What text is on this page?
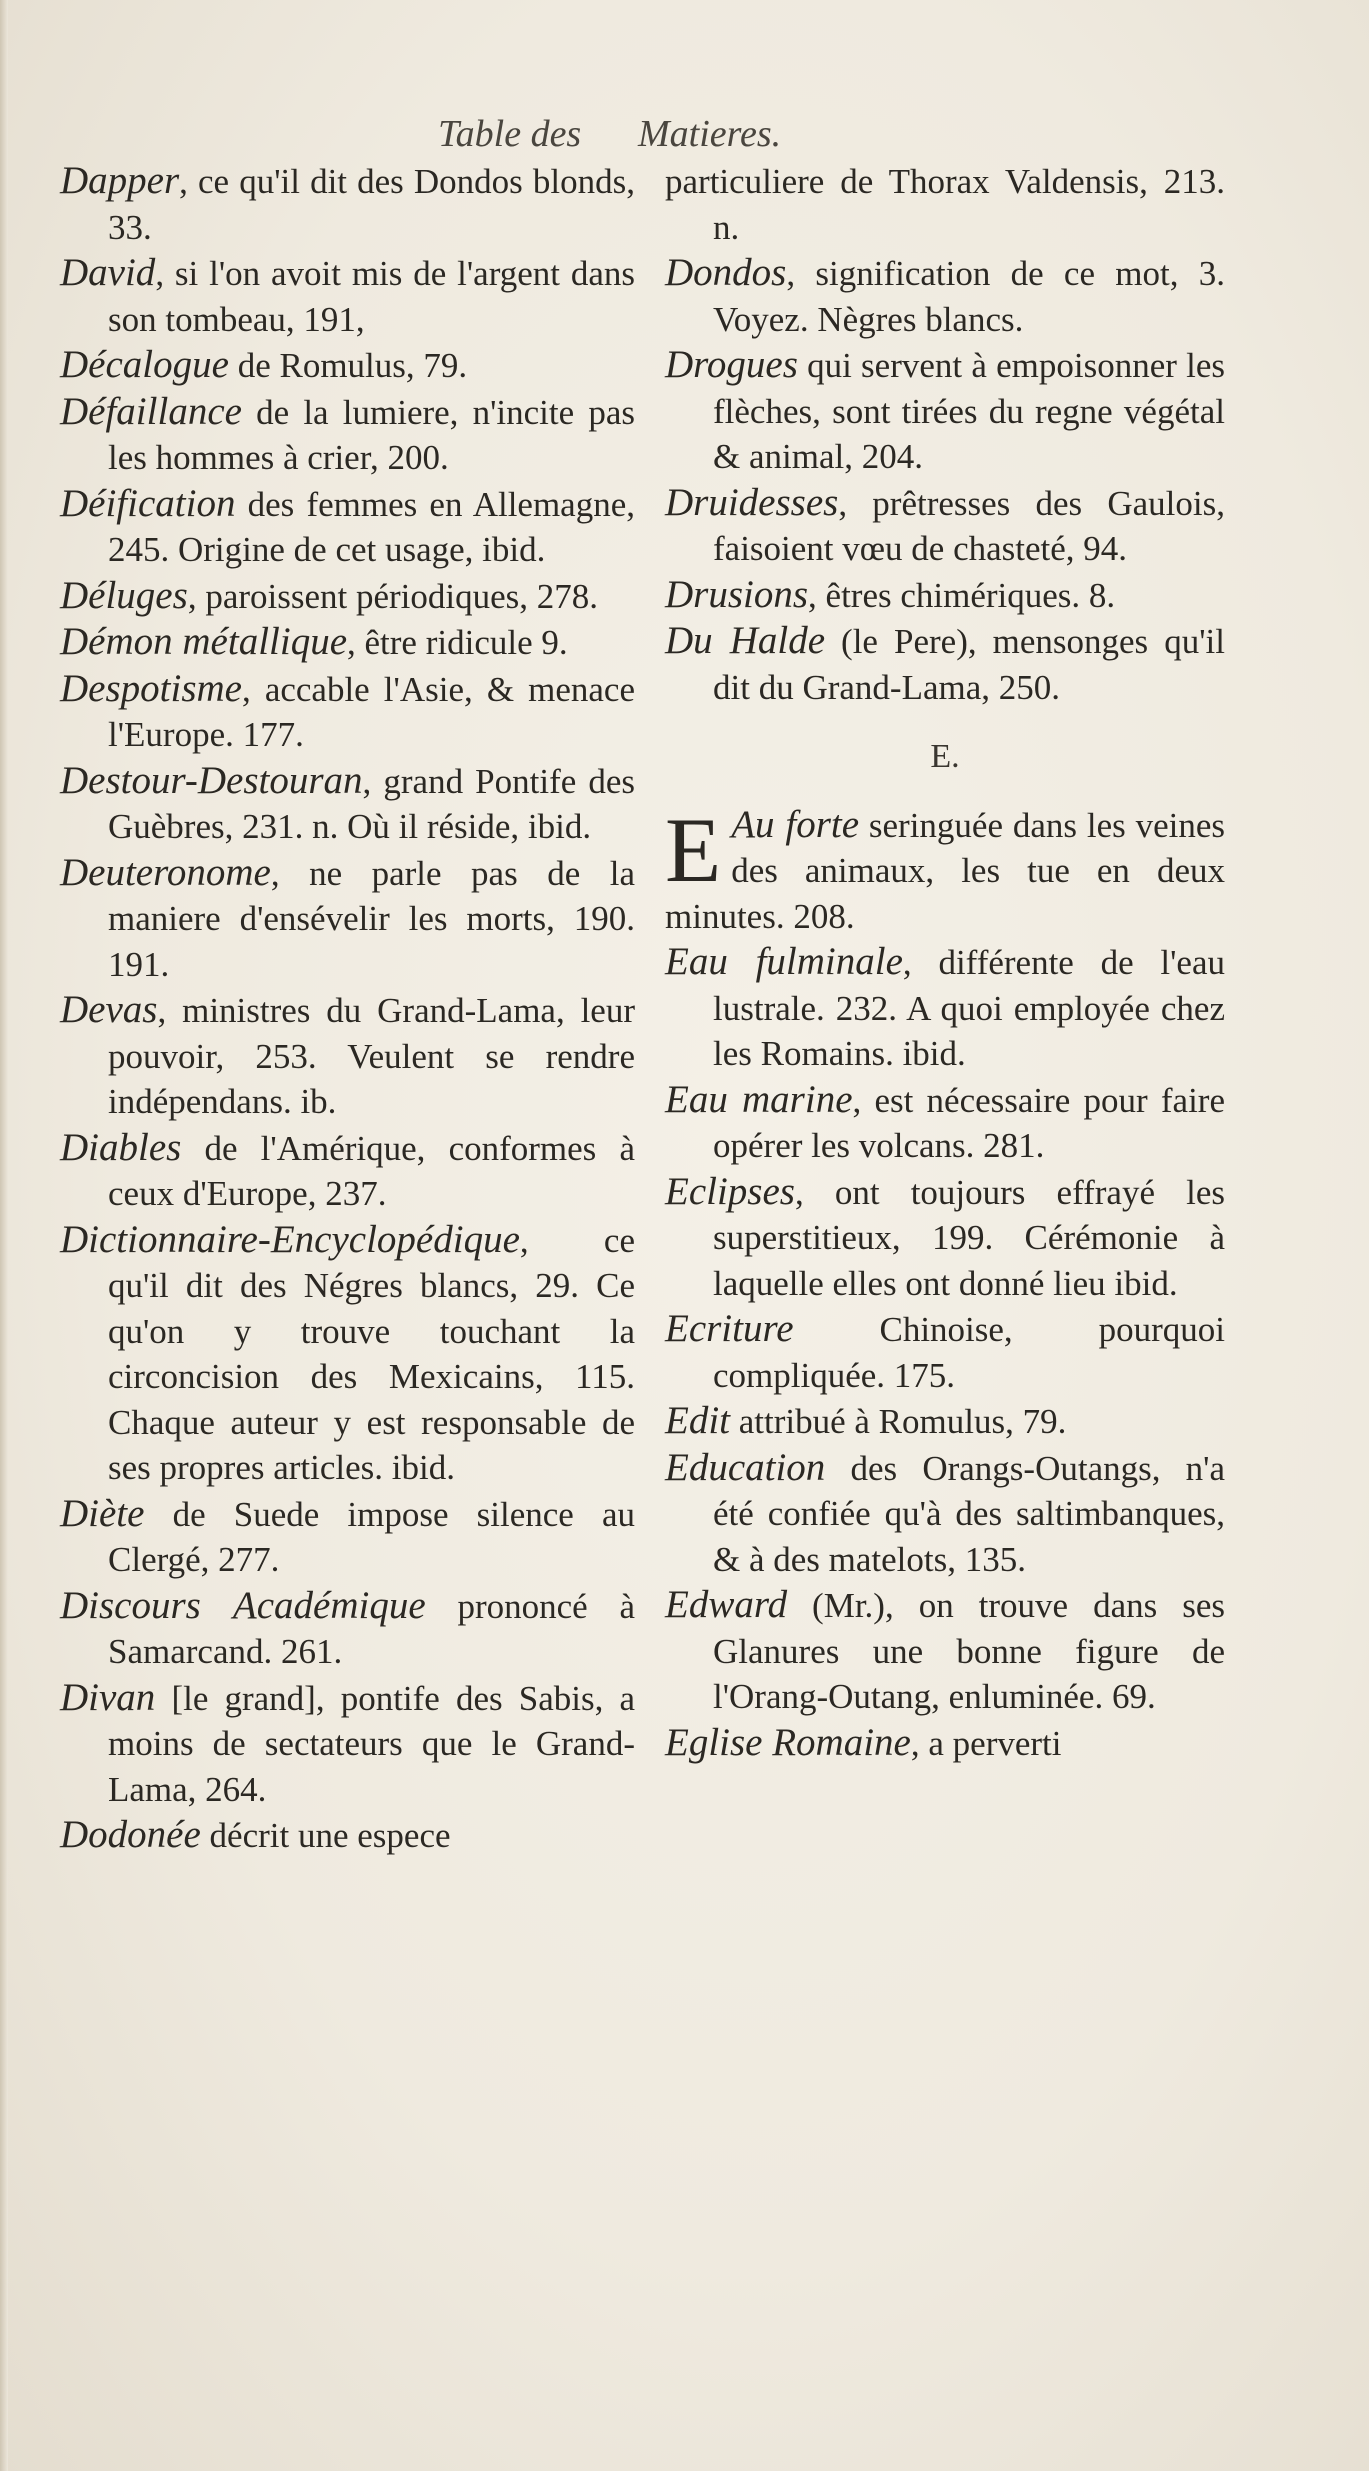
Table des Matieres.

Dapper, ce qu'il dit des Dondos blonds, 33.

David, si l'on avoit mis de l'argent dans son tombeau, 191,

Décalogue de Romulus, 79.

Défaillance de la lumiere, n'incite pas les hommes à crier, 200.

Déification des femmes en Allemagne, 245. Origine de cet usage, ibid.

Déluges, paroissent périodiques, 278.

Démon métallique, être ridicule 9.

Despotisme, accable l'Asie, & menace l'Europe. 177.

Destour-Destouran, grand Pontife des Guèbres, 231. n. Où il réside, ibid.

Deuteronome, ne parle pas de la maniere d'ensévelir les morts, 190. 191.

Devas, ministres du Grand-Lama, leur pouvoir, 253. Veulent se rendre indépendans. ib.

Diables de l'Amérique, conformes à ceux d'Europe, 237.

Dictionnaire-Encyclopédique, ce qu'il dit des Négres blancs, 29. Ce qu'on y trouve touchant la circoncision des Mexicains, 115. Chaque auteur y est responsable de ses propres articles. ibid.

Diète de Suede impose silence au Clergé, 277.

Discours Académique prononcé à Samarcand. 261.

Divan [le grand], pontife des Sabis, a moins de sectateurs que le Grand-Lama, 264.

Dodonée décrit une espece

particuliere de Thorax Valdensis, 213. n.

Dondos, signification de ce mot, 3. Voyez. Nègres blancs.

Drogues qui servent à empoisonner les flèches, sont tirées du regne végétal & animal, 204.

Druidesses, prêtresses des Gaulois, faisoient vœu de chasteté, 94.

Drusions, êtres chimériques. 8.

Du Halde (le Pere), mensonges qu'il dit du Grand-Lama, 250.

E.

E Au forte seringuée dans les veines des animaux, les tue en deux minutes. 208.

Eau fulminale, différente de l'eau lustrale. 232. A quoi employée chez les Romains. ibid.

Eau marine, est nécessaire pour faire opérer les volcans. 281.

Eclipses, ont toujours effrayé les superstitieux, 199. Cérémonie à laquelle elles ont donné lieu ibid.

Ecriture Chinoise, pourquoi compliquée. 175.

Edit attribué à Romulus, 79.

Education des Orangs-Outangs, n'a été confiée qu'à des saltimbanques, & à des matelots, 135.

Edward (Mr.), on trouve dans ses Glanures une bonne figure de l'Orang-Outang, enluminée. 69.

Eglise Romaine, a perverti
